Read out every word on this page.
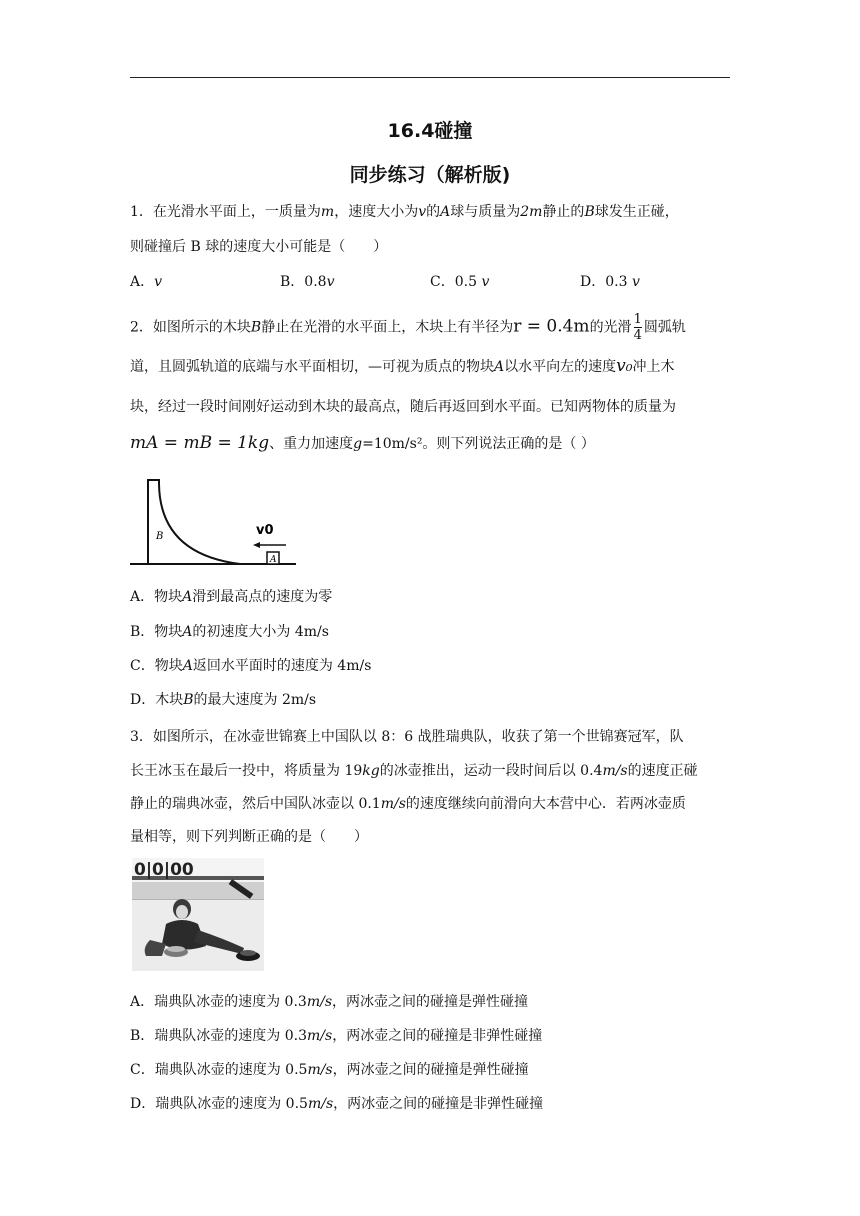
16.4碰撞
同步练习（解析版)
1．在光滑水平面上，一质量为m，速度大小为v的A球与质量为2m静止的B球发生正碰，
则碰撞后 B 球的速度大小可能是（　　）
A．v	B．0.8v	C．0.5 v	D．0.3 v
2．如图所示的木块B静止在光滑的水平面上，木块上有半径为r = 0.4m的光滑 $\frac{1}{4}$ 圆弧轨
道，且圆弧轨道的底端与水平面相切，—可视为质点的物块A以水平向左的速度v₀冲上木
块，经过一段时间刚好运动到木块的最高点，随后再返回到水平面。已知两物体的质量为
mA = mB = 1kg、重力加速度g=10m/s²。则下列说法正确的是（ ）
B	v0
A
A．物块A滑到最高点的速度为零
B．物块A的初速度大小为 4m/s
C．物块A返回水平面时的速度为 4m/s
D．木块B的最大速度为 2m/s
3．如图所示，在冰壶世锦赛上中国队以 8：6 战胜瑞典队，收获了第一个世锦赛冠军，队
长王冰玉在最后一投中，将质量为 19kg的冰壶推出，运动一段时间后以 0.4m/s的速度正碰
静止的瑞典冰壶，然后中国队冰壶以 0.1m/s的速度继续向前滑向大本营中心．若两冰壶质
量相等，则下列判断正确的是（　　）
0|0|00
A．瑞典队冰壶的速度为 0.3m/s，两冰壶之间的碰撞是弹性碰撞
B．瑞典队冰壶的速度为 0.3m/s，两冰壶之间的碰撞是非弹性碰撞
C．瑞典队冰壶的速度为 0.5m/s，两冰壶之间的碰撞是弹性碰撞
D．瑞典队冰壶的速度为 0.5m/s，两冰壶之间的碰撞是非弹性碰撞
